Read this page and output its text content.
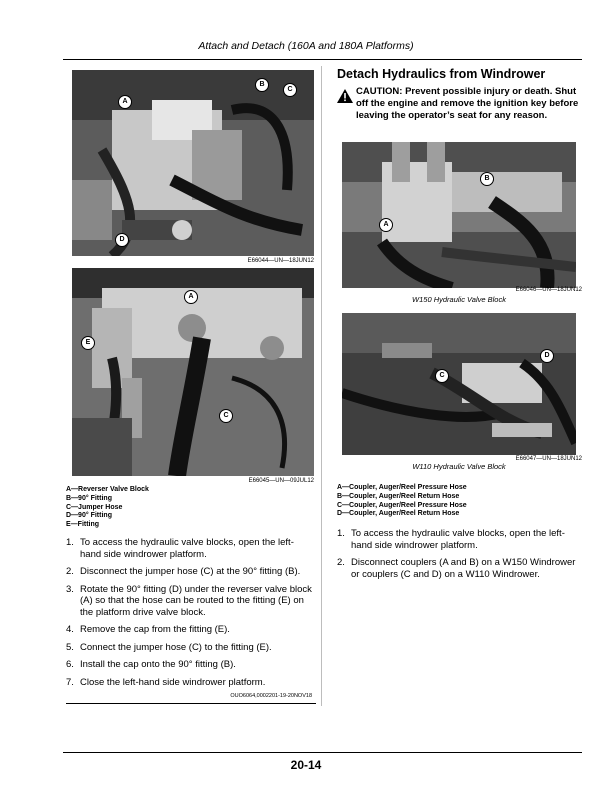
Attach and Detach (160A and 180A Platforms)
A
B
C
D
E66044—UN—18JUN12
A
E
C
E66045—UN—09JUL12
A—Reverser Valve Block
B—90° Fitting
C—Jumper Hose
D—90° Fitting
E—Fitting
1. To access the hydraulic valve blocks, open the left-hand side windrower platform.
2. Disconnect the jumper hose (C) at the 90° fitting (B).
3. Rotate the 90° fitting (D) under the reverser valve block (A) so that the hose can be routed to the fitting (E) on the platform drive valve block.
4. Remove the cap from the fitting (E).
5. Connect the jumper hose (C) to the fitting (E).
6. Install the cap onto the 90° fitting (B).
7. Close the left-hand side windrower platform.
OUO6064,0002201-19-20NOV18
Detach Hydraulics from Windrower
CAUTION: Prevent possible injury or death. Shut off the engine and remove the ignition key before leaving the operator’s seat for any reason.
B
A
E66046—UN—18JUN12
W150 Hydraulic Valve Block
D
C
E66047—UN—18JUN12
W110 Hydraulic Valve Block
A—Coupler, Auger/Reel Pressure Hose
B—Coupler, Auger/Reel Return Hose
C—Coupler, Auger/Reel Pressure Hose
D—Coupler, Auger/Reel Return Hose
1. To access the hydraulic valve blocks, open the left-hand side windrower platform.
2. Disconnect couplers (A and B) on a W150 Windrower or couplers (C and D) on a W110 Windrower.
20-14
